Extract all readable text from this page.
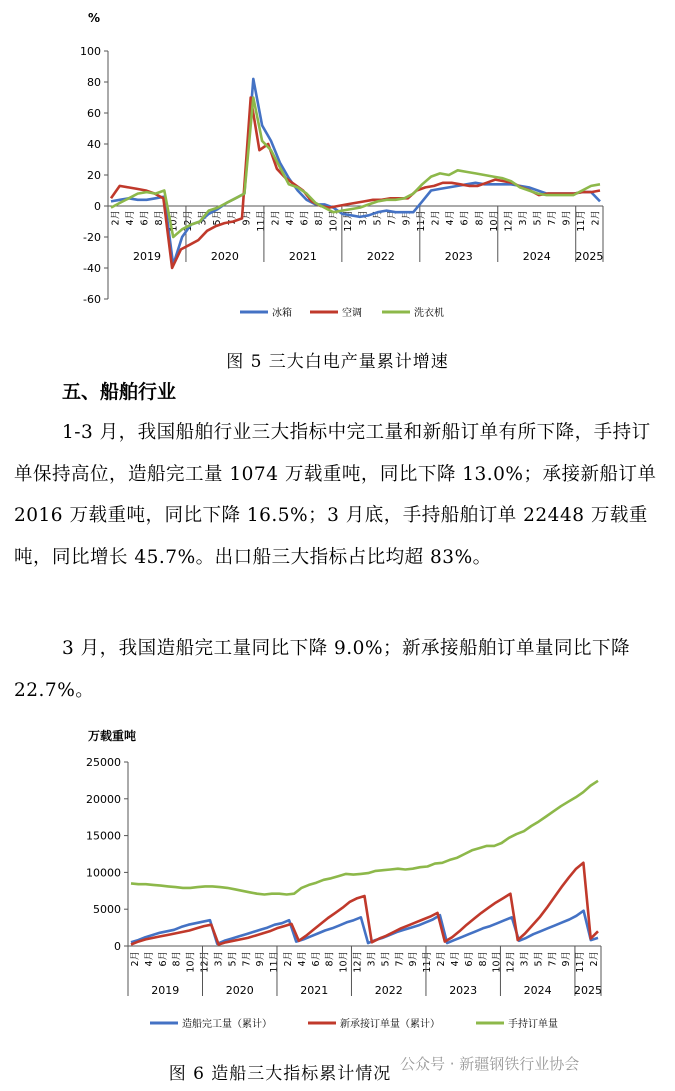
%
100
80
60
40
20
0
-20
-40
-60
2月 4月 6月 8月 10月 12月 3月 5月 7月 9月 11月 2月 4月 6月 8月 10月 12月 3月 5月 7月 9月 11月 2月 4月 6月 8月 10月 12月 3月 5月 7月 9月 11月 2月
2019	2020	2021	2022	2023	2024 2025
冰箱	空调	洗衣机
图 5 三大白电产量累计增速
五、船舶行业
1-3 月，我国船舶行业三大指标中完工量和新船订单有所下降，手持订单保持高位，造船完工量 1074 万载重吨，同比下降 13.0%；承接新船订单 2016 万载重吨，同比下降 16.5%；3 月底，手持船舶订单 22448 万载重吨，同比增长 45.7%。出口船三大指标占比均超 83%。
3 月，我国造船完工量同比下降 9.0%；新承接船舶订单量同比下降 22.7%。
万载重吨
25000
20000
15000
10000
5000
0
2月 4月 6月 8月 10月 12月 3月 5月 7月 9月 11月 2月 4月 6月 8月 10月 12月 3月 5月 7月 9月 11月 2月 4月 6月 8月 10月 12月 3月 5月 7月 9月 11月 2月
2019	2020	2021	2022	2023	2024 2025
造船完工量（累计）	新承接订单量（累计）	手持订单量
图 6 造船三大指标累计情况 公众号 · 新疆钢铁行业协会
